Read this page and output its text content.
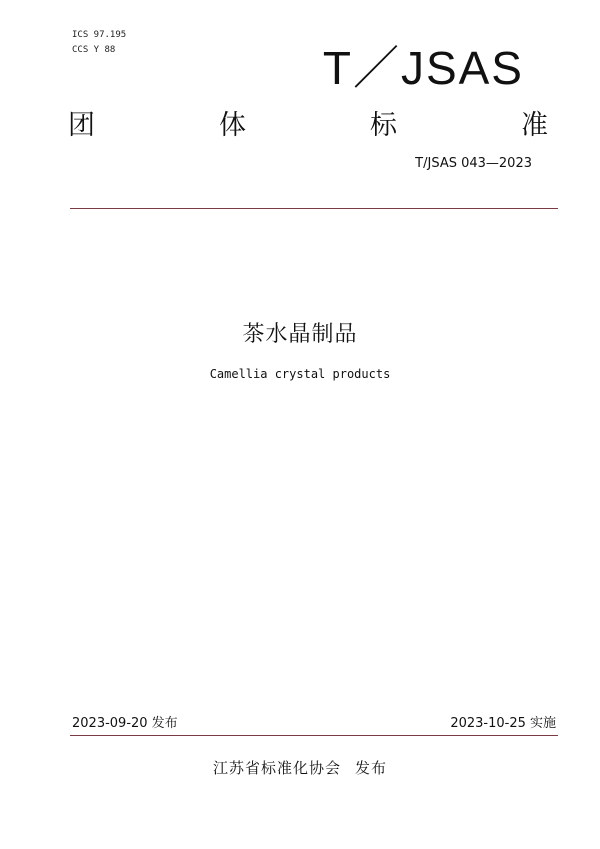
ICS 97.195
CCS Y 88	T／JSAS
团	体	标	准
T/JSAS 043—2023
茶水晶制品
Camellia crystal products
2023-09-20 发布	2023-10-25 实施
江苏省标准化协会 发布
